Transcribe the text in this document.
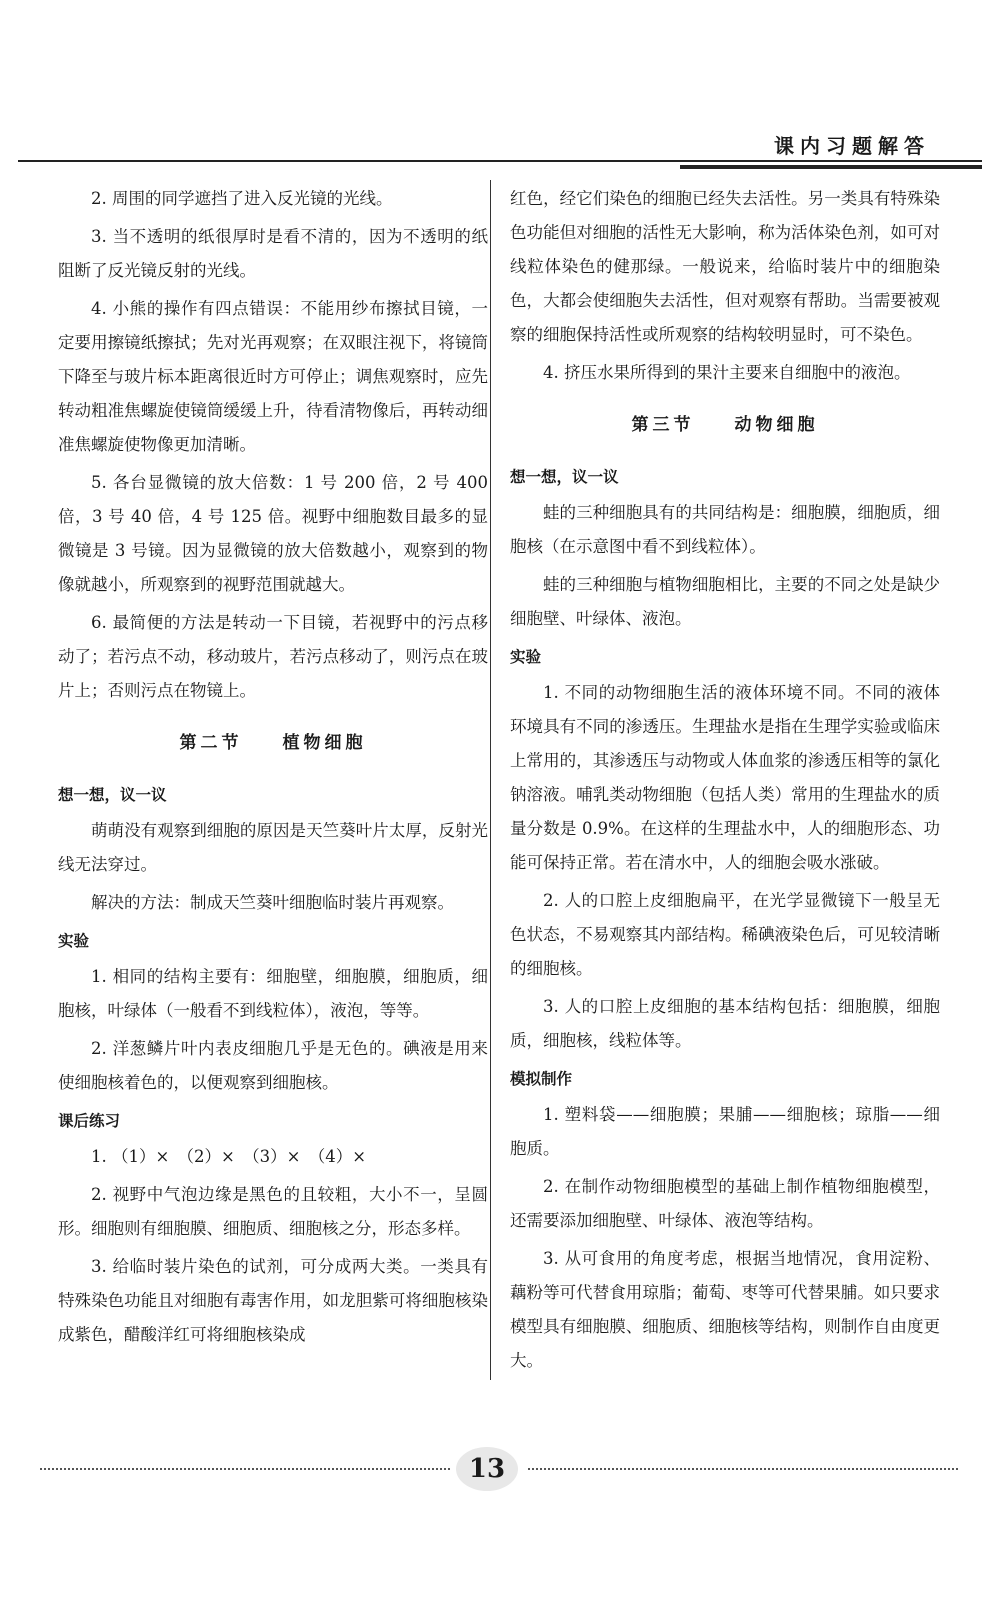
课内习题解答

2. 周围的同学遮挡了进入反光镜的光线。

3. 当不透明的纸很厚时是看不清的，因为不透明的纸阻断了反光镜反射的光线。

4. 小熊的操作有四点错误：不能用纱布擦拭目镜，一定要用擦镜纸擦拭；先对光再观察；在双眼注视下，将镜筒下降至与玻片标本距离很近时方可停止；调焦观察时，应先转动粗准焦螺旋使镜筒缓缓上升，待看清物像后，再转动细准焦螺旋使物像更加清晰。

5. 各台显微镜的放大倍数：1 号 200 倍，2 号 400 倍，3 号 40 倍，4 号 125 倍。视野中细胞数目最多的显微镜是 3 号镜。因为显微镜的放大倍数越小，观察到的物像就越小，所观察到的视野范围就越大。

6. 最简便的方法是转动一下目镜，若视野中的污点移动了；若污点不动，移动玻片，若污点移动了，则污点在玻片上；否则污点在物镜上。

第二节 植物细胞
想一想，议一议

萌萌没有观察到细胞的原因是天竺葵叶片太厚，反射光线无法穿过。

解决的方法：制成天竺葵叶细胞临时装片再观察。

实验

1. 相同的结构主要有：细胞壁，细胞膜，细胞质，细胞核，叶绿体（一般看不到线粒体），液泡，等等。

2. 洋葱鳞片叶内表皮细胞几乎是无色的。碘液是用来使细胞核着色的，以便观察到细胞核。

课后练习

1. （1）×　（2）×　（3）×　（4）×

2. 视野中气泡边缘是黑色的且较粗，大小不一，呈圆形。细胞则有细胞膜、细胞质、细胞核之分，形态多样。

3. 给临时装片染色的试剂，可分成两大类。一类具有特殊染色功能且对细胞有毒害作用，如龙胆紫可将细胞核染成紫色，醋酸洋红可将细胞核染成

红色，经它们染色的细胞已经失去活性。另一类具有特殊染色功能但对细胞的活性无大影响，称为活体染色剂，如可对线粒体染色的健那绿。一般说来，给临时装片中的细胞染色，大都会使细胞失去活性，但对观察有帮助。当需要被观察的细胞保持活性或所观察的结构较明显时，可不染色。

4. 挤压水果所得到的果汁主要来自细胞中的液泡。

第三节 动物细胞
想一想，议一议

蛙的三种细胞具有的共同结构是：细胞膜，细胞质，细胞核（在示意图中看不到线粒体）。

蛙的三种细胞与植物细胞相比，主要的不同之处是缺少细胞壁、叶绿体、液泡。

实验

1. 不同的动物细胞生活的液体环境不同。不同的液体环境具有不同的渗透压。生理盐水是指在生理学实验或临床上常用的，其渗透压与动物或人体血浆的渗透压相等的氯化钠溶液。哺乳类动物细胞（包括人类）常用的生理盐水的质量分数是 0.9%。在这样的生理盐水中，人的细胞形态、功能可保持正常。若在清水中，人的细胞会吸水涨破。

2. 人的口腔上皮细胞扁平，在光学显微镜下一般呈无色状态，不易观察其内部结构。稀碘液染色后，可见较清晰的细胞核。

3. 人的口腔上皮细胞的基本结构包括：细胞膜，细胞质，细胞核，线粒体等。

模拟制作

1. 塑料袋——细胞膜；果脯——细胞核；琼脂——细胞质。

2. 在制作动物细胞模型的基础上制作植物细胞模型，还需要添加细胞壁、叶绿体、液泡等结构。

3. 从可食用的角度考虑，根据当地情况，食用淀粉、藕粉等可代替食用琼脂；葡萄、枣等可代替果脯。如只要求模型具有细胞膜、细胞质、细胞核等结构，则制作自由度更大。

13
